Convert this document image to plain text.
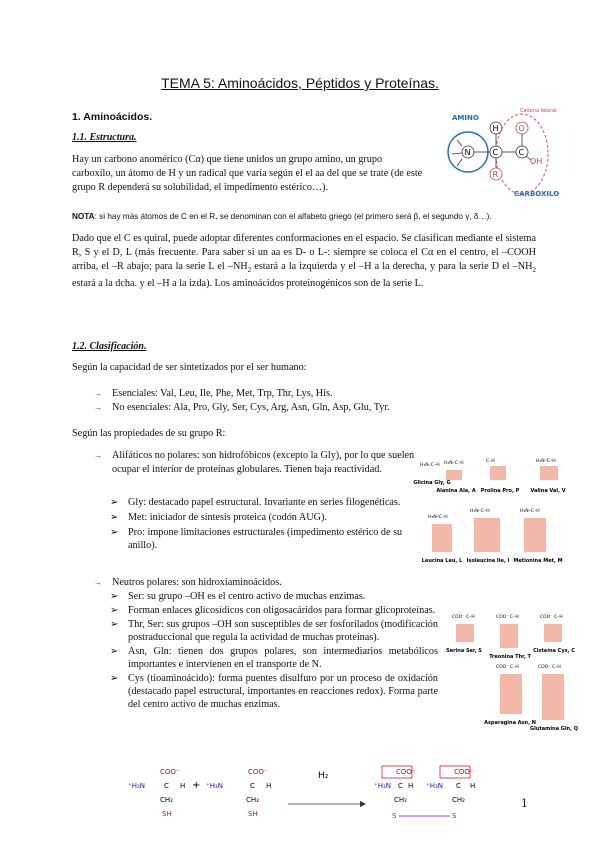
TEMA 5: Aminoácidos, Péptidos y Proteínas.
1. Aminoácidos.
1.1. Estructura.
Hay un carbono anomérico (Cα) que tiene unidos un grupo amino, un grupo carboxilo, un átomo de H y un radical que varía según el el aa del que se trate (de este grupo R dependerá su solubilidad, el impedimento estérico…).
NOTA: si hay más átomos de C en el R, se denominan con el alfabeto griego (el primero será β, el segundo γ, δ…).
Dado que el C es quiral, puede adoptar diferentes conformaciones en el espacio. Se clasifican mediante el sistema R, S y el D, L (más frecuente. Para saber si un aa es D- o L-: siempre se coloca el Cα en el centro, el –COOH arriba, el –R abajo; para la serie L el $-NH_2$ estará a la izquierda y el –H a la derecha, y para la serie D el $-NH_2$ estará a la dcha. y el –H a la izda). Los aminoácidos proteinogénicos son de la serie L.
AMINO
CARBOXILO
Cadena lateral
N	C
H
R
C
O
OH
1.2. Clasificación.
Según la capacidad de ser sintetizados por el ser humano:
→ Esenciales: Val, Leu, Ile, Phe, Met, Trp, Thr, Lys, His.
→ No esenciales: Ala, Pro, Gly, Ser, Cys, Arg, Asn, Gln, Asp, Glu, Tyr.
Según las propiedades de su grupo R:
→ Alifáticos no polares: son hidrofóbicos (excepto la Gly), por lo que suelen ocupar el interior de proteínas globulares. Tienen baja reactividad.
➢ Gly: destacado papel estructural. Invariante en series filogenéticas.
➢ Met: iniciador de síntesis proteica (codón AUG).
➢ Pro: impone limitaciones estructurales (impedimento estérico de su anillo).
H₃N–C–H H₃N–C–H	C–H	H₃N–C–H
H₃N–C–H
H₃N–C–H	H₃N–C–H
Glicina Gly, G
Alanina Ala, A Prolina Pro, P Valina Val, V
Leucina Leu, L Isoleucina Ile, I Metionina Met, M
→ Neutros polares: son hidroxiaminoácidos.
➢ Ser: su grupo –OH es el centro activo de muchas enzimas.
➢ Forman enlaces glicosídicos con oligosacáridos para formar glicoproteínas.
➢ Thr, Ser: sus grupos –OH son susceptibles de ser fosforilados (modificación postraduccional que regula la actividad de muchas proteínas).
➢ Asn, Gln: tienen dos grupos polares, son intermediarios metabólicos importantes e intervienen en el transporte de N.
➢ Cys (tioaminoácido): forma puentes disulfuro por un proceso de oxidación (destacado papel estructural, importantes en reacciones redox). Forma parte del centro activo de muchas enzimas.
COO⁻ C–H	COO⁻ C–H	COO⁻ C–H
COO⁻ C–H	COO⁻ C–H
Serina Ser, S
Treonina Thr, T
Cisteína Cys, C
Asparagina Asn, N
Glutamina Gln, Q
COO⁻
⁺H₃N	C H
CH₂
SH
+
COO⁻
⁺H₃N	C H
CH₂
SH
H₂	COO⁻
⁺H₃N C H
CH₂
S
COO⁻
⁺H₃N C H
CH₂
S
1
